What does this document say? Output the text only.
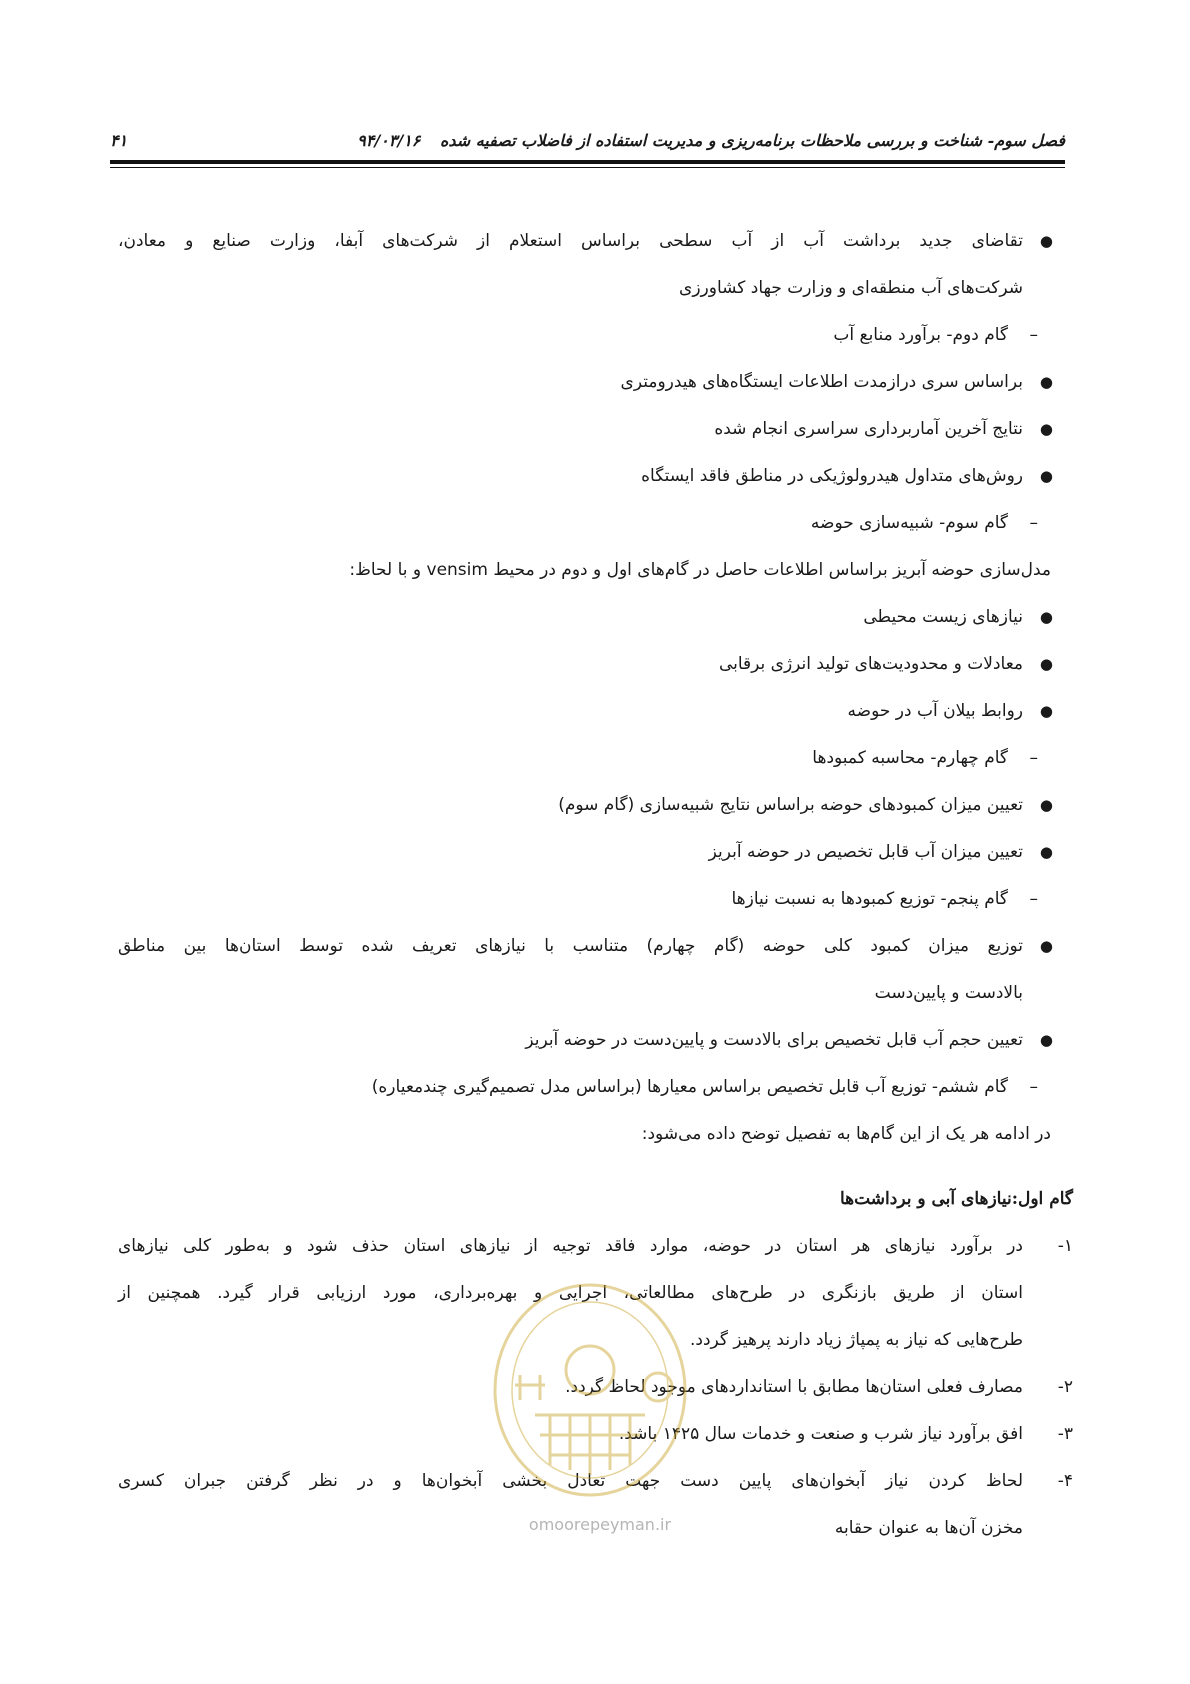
فصل سوم- شناخت و بررسی ملاحظات برنامه‌ریزی و مدیریت استفاده از فاضلاب تصفیه شده ۹۴/۰۳/۱۶
۴۱
●
تقاضای جدید برداشت آب از آب سطحی براساس استعلام از شرکت‌های آبفا، وزارت صنایع و معادن،
شرکت‌های آب منطقه‌ای و وزارت جهاد کشاورزی
–
گام دوم- برآورد منابع آب
●
براساس سری درازمدت اطلاعات ایستگاه‌های هیدرومتری
●
نتایج آخرین آماربرداری سراسری انجام شده
●
روش‌های متداول هیدرولوژیکی در مناطق فاقد ایستگاه
–
گام سوم- شبیه‌سازی حوضه
مدل‌سازی حوضه آبریز براساس اطلاعات حاصل در گام‌های اول و دوم در محیط vensim و با لحاظ:
●
نیازهای زیست محیطی
●
معادلات و محدودیت‌های تولید انرژی برقابی
●
روابط بیلان آب در حوضه
–
گام چهارم- محاسبه کمبودها
●
تعیین میزان کمبودهای حوضه براساس نتایج شبیه‌سازی (گام سوم)
●
تعیین میزان آب قابل تخصیص در حوضه آبریز
–
گام پنجم- توزیع کمبودها به نسبت نیازها
●
توزیع میزان کمبود کلی حوضه (گام چهارم) متناسب با نیازهای تعریف شده توسط استان‌ها بین مناطق
بالادست و پایین‌دست
●
تعیین حجم آب قابل تخصیص برای بالادست و پایین‌دست در حوضه آبریز
–
گام ششم- توزیع آب قابل تخصیص براساس معیارها (براساس مدل تصمیم‌گیری چندمعیاره)
در ادامه هر یک از این گام‌ها به تفصیل توضح داده می‌شود:
گام اول:نیازهای آبی و برداشت‌ها
۱-
در برآورد نیازهای هر استان در حوضه، موارد فاقد توجیه از نیازهای استان حذف شود و به‌طور کلی نیازهای
استان از طریق بازنگری در طرح‌های مطالعاتی، اجرایی و بهره‌برداری، مورد ارزیابی قرار گیرد. همچنین از
طرح‌هایی که نیاز به پمپاژ زیاد دارند پرهیز گردد.
۲-
مصارف فعلی استان‌ها مطابق با استانداردهای موجود لحاظ گردد.
۳-
افق برآورد نیاز شرب و صنعت و خدمات سال ۱۴۲۵ باشد.
۴-
لحاظ کردن نیاز آبخوان‌های پایین دست جهت تعادل بخشی آبخوان‌ها و در نظر گرفتن جبران کسری
مخزن آن‌ها به عنوان حقابه
omoorepeyman.ir
